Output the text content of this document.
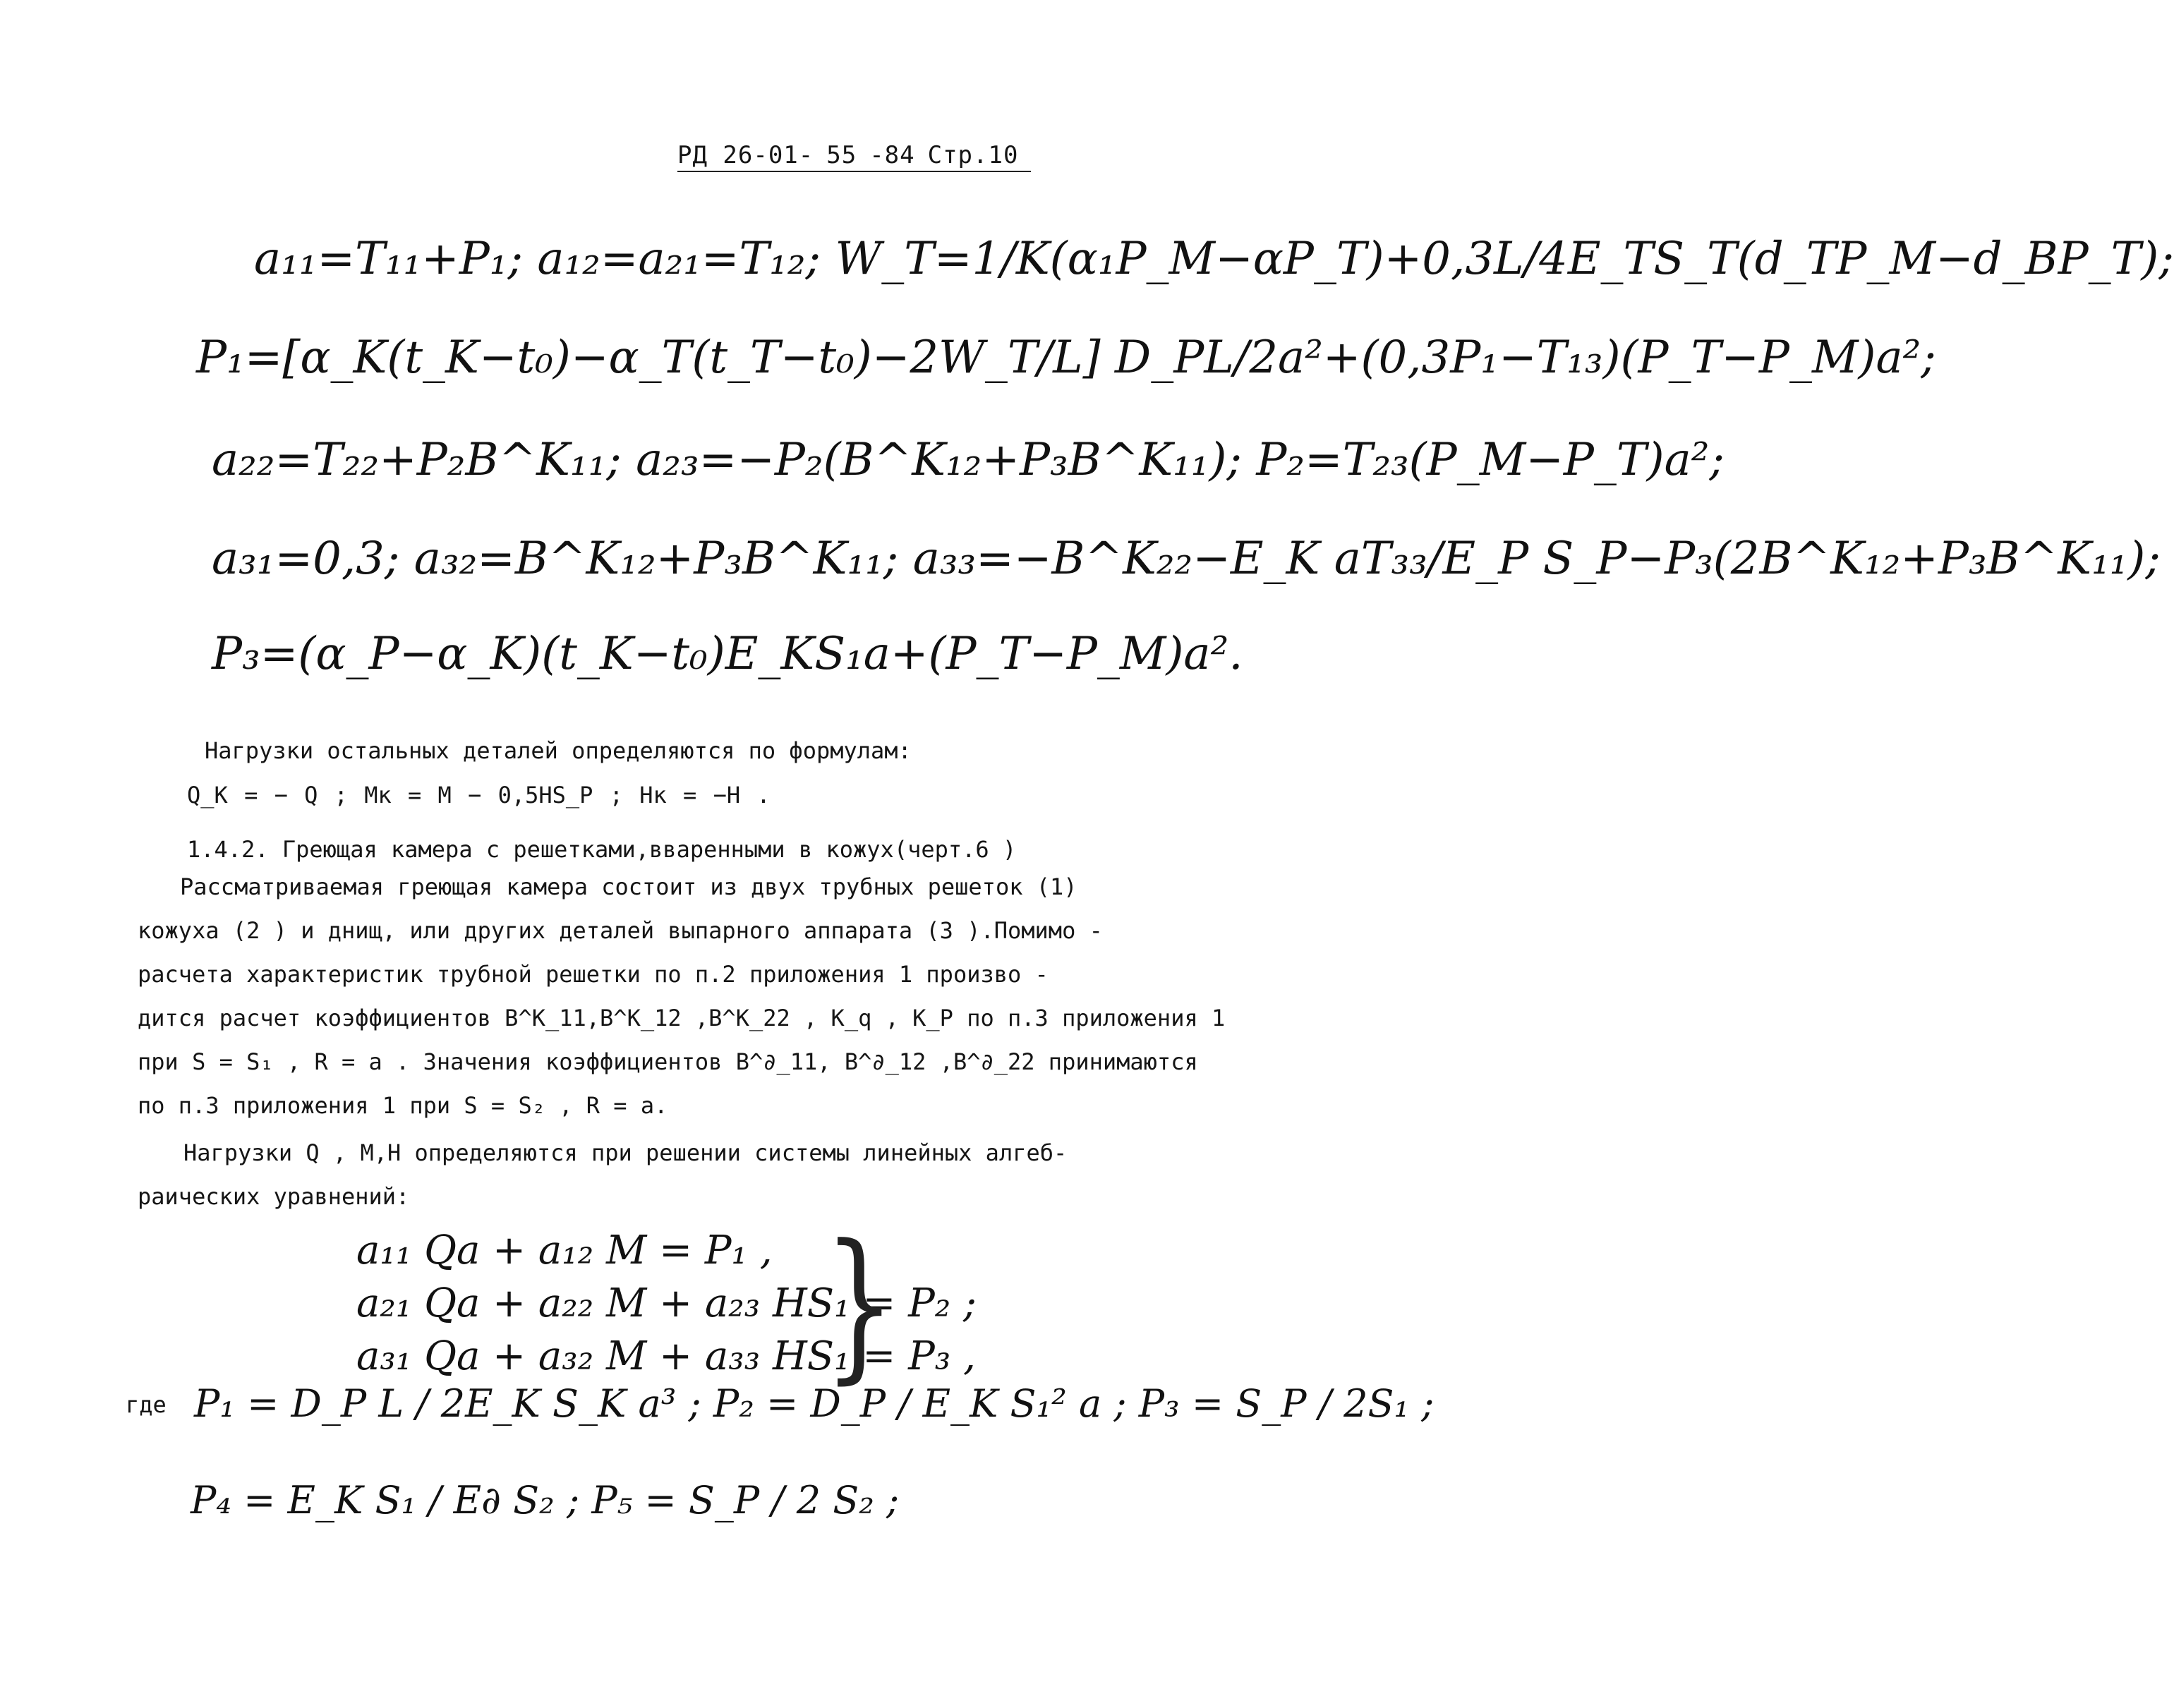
РД 26-01- 55 -84 Стр.10
a₁₁=T₁₁+P₁; a₁₂=a₂₁=T₁₂; W_T=1/K(α₁P_M−αP_T)+0,3L/4E_TS_T(d_TP_M−d_BP_T);
P₁=[α_K(t_K−t₀)−α_T(t_T−t₀)−2W_T/L] D_PL/2a²+(0,3P₁−T₁₃)(P_T−P_M)a²;
a₂₂=T₂₂+P₂B^K₁₁; a₂₃=−P₂(B^K₁₂+P₃B^K₁₁); P₂=T₂₃(P_M−P_T)a²;
a₃₁=0,3; a₃₂=B^K₁₂+P₃B^K₁₁; a₃₃=−B^K₂₂−E_K aT₃₃/E_P S_P−P₃(2B^K₁₂+P₃B^K₁₁);
P₃=(α_P−α_K)(t_K−t₀)E_KS₁a+(P_T−P_M)a².
Нагрузки остальных деталей определяются по формулам:
Q_K = − Q ; Mк = M − 0,5HS_P ; Hк = −H .
1.4.2. Греющая камера с решетками,вваренными в кожух(черт.6 )
Рассматриваемая греющая камера состоит из двух трубных решеток (1)
кожуха (2 ) и днищ, или других деталей выпарного аппарата (3 ).Помимо -
расчета характеристик трубной решетки по п.2 приложения 1 произво -
дится расчет коэффициентов B^K_11,B^K_12 ,B^K_22 , K_q , K_P по п.3 приложения 1
при S = S₁ , R = a . Значения коэффициентов B^∂_11, B^∂_12 ,B^∂_22 принимаются
по п.3 приложения 1 при S = S₂ , R = a.
Нагрузки Q , M,H определяются при решении системы линейных алгеб-
раических уравнений:
a₁₁ Qa + a₁₂ M = P₁ ,
a₂₁ Qa + a₂₂ M + a₂₃ HS₁ = P₂ ;
a₃₁ Qa + a₃₂ M + a₃₃ HS₁ = P₃ ,
}
где P₁ = D_P L / 2E_K S_K a³ ; P₂ = D_P / E_K S₁² a ; P₃ = S_P / 2S₁ ;
P₄ = E_K S₁ / E∂ S₂ ; P₅ = S_P / 2 S₂ ;
